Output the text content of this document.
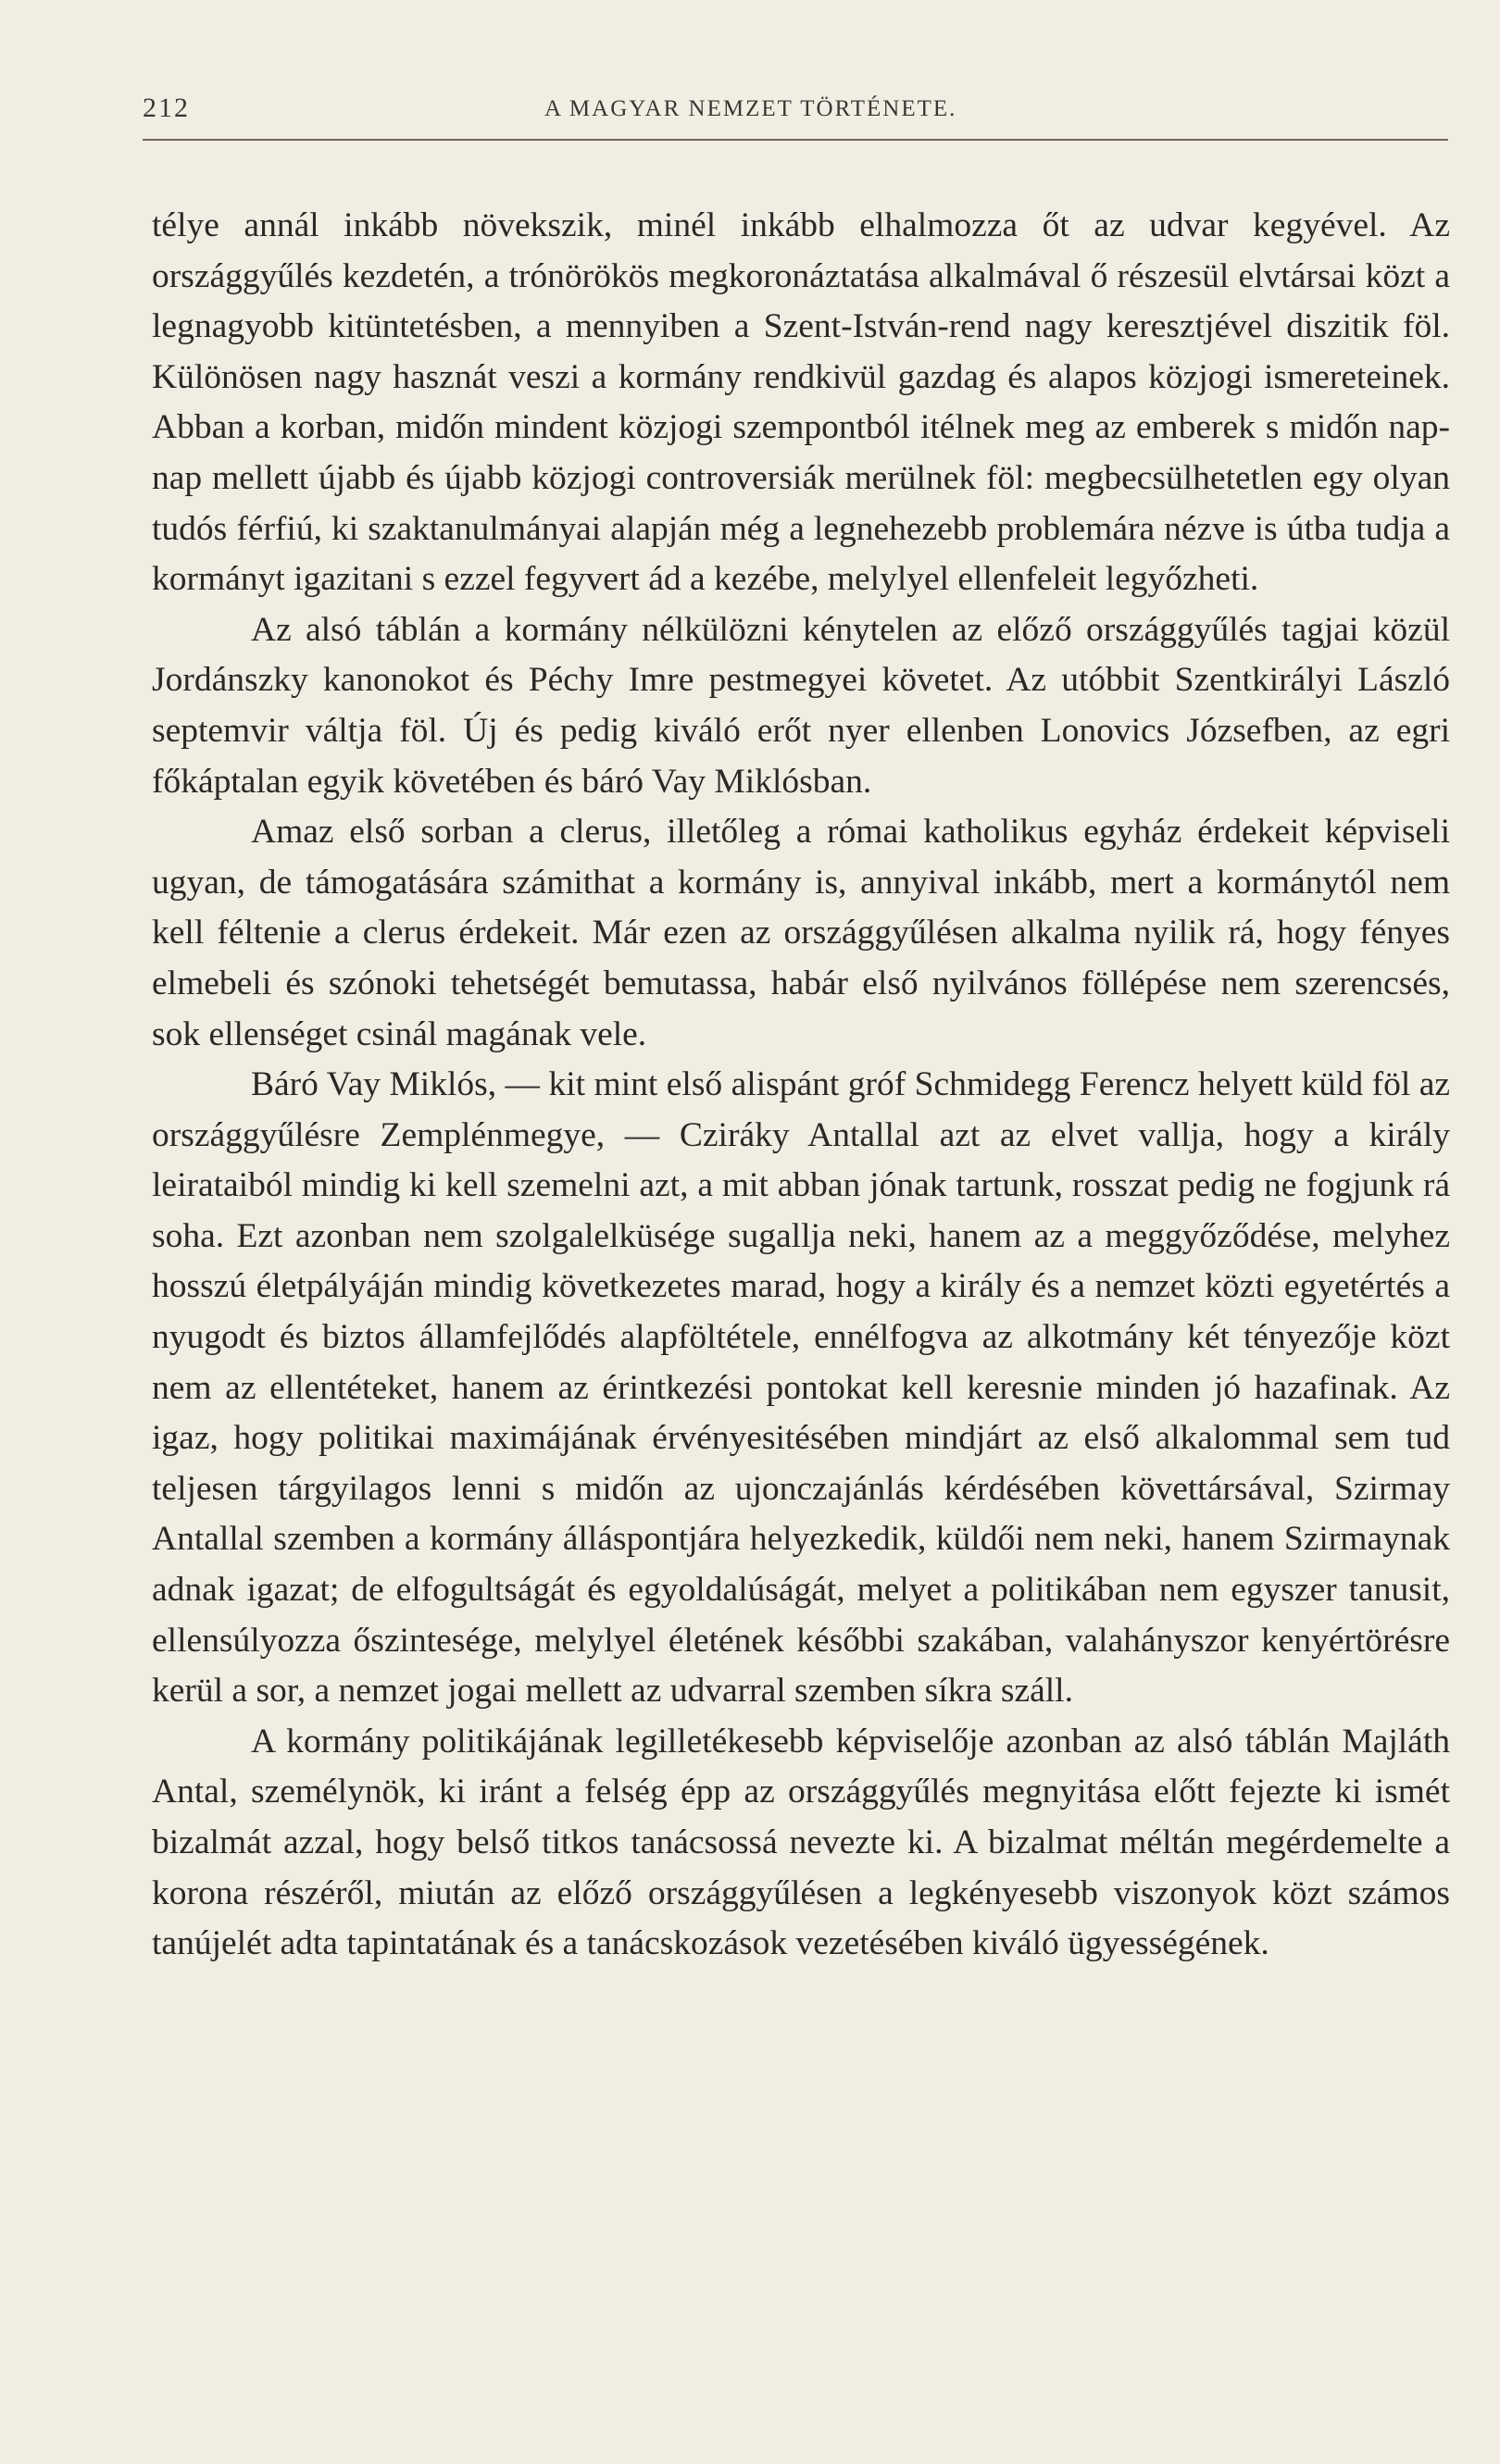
212	A MAGYAR NEMZET TÖRTÉNETE.

télye annál inkább növekszik, minél inkább elhalmozza őt az udvar kegyével. Az országgyűlés kezdetén, a trónörökös megkoronáztatása alkalmával ő részesül elvtársai közt a legnagyobb kitüntetésben, a mennyiben a Szent-István-rend nagy keresztjével diszitik föl. Különösen nagy hasznát veszi a kormány rendkivül gazdag és alapos közjogi ismereteinek. Abban a korban, midőn mindent közjogi szempontból itélnek meg az emberek s midőn nap-nap mellett újabb és újabb közjogi controversiák merülnek föl: megbecsülhetetlen egy olyan tudós férfiú, ki szaktanulmányai alapján még a legnehezebb problemára nézve is útba tudja a kormányt igazitani s ezzel fegyvert ád a kezébe, melylyel ellenfeleit legyőzheti.

Az alsó táblán a kormány nélkülözni kénytelen az előző országgyűlés tagjai közül Jordánszky kanonokot és Péchy Imre pestmegyei követet. Az utóbbit Szentkirályi László septemvir váltja föl. Új és pedig kiváló erőt nyer ellenben Lonovics Józsefben, az egri főkáptalan egyik követében és báró Vay Miklósban.

Amaz első sorban a clerus, illetőleg a római katholikus egyház érdekeit képviseli ugyan, de támogatására számithat a kormány is, annyival inkább, mert a kormánytól nem kell féltenie a clerus érdekeit. Már ezen az országgyűlésen alkalma nyilik rá, hogy fényes elmebeli és szónoki tehetségét bemutassa, habár első nyilvános föllépése nem szerencsés, sok ellenséget csinál magának vele.

Báró Vay Miklós, — kit mint első alispánt gróf Schmidegg Ferencz helyett küld föl az országgyűlésre Zemplénmegye, — Cziráky Antallal azt az elvet vallja, hogy a király leirataiból mindig ki kell szemelni azt, a mit abban jónak tartunk, rosszat pedig ne fogjunk rá soha. Ezt azonban nem szolgalelküsége sugallja neki, hanem az a meggyőződése, melyhez hosszú életpályáján mindig következetes marad, hogy a király és a nemzet közti egyetértés a nyugodt és biztos államfejlődés alapföltétele, ennélfogva az alkotmány két tényezője közt nem az ellentéteket, hanem az érintkezési pontokat kell keresnie minden jó hazafinak. Az igaz, hogy politikai maximájának érvényesitésében mindjárt az első alkalommal sem tud teljesen tárgyilagos lenni s midőn az ujonczajánlás kérdésében követtársával, Szirmay Antallal szemben a kormány álláspontjára helyezkedik, küldői nem neki, hanem Szirmaynak adnak igazat; de elfogultságát és egyoldalúságát, melyet a politikában nem egyszer tanusit, ellensúlyozza őszintesége, melylyel életének későbbi szakában, valahányszor kenyértörésre kerül a sor, a nemzet jogai mellett az udvarral szemben síkra száll.

A kormány politikájának legilletékesebb képviselője azonban az alsó táblán Majláth Antal, személynök, ki iránt a felség épp az országgyűlés megnyitása előtt fejezte ki ismét bizalmát azzal, hogy belső titkos tanácsossá nevezte ki. A bizalmat méltán megérdemelte a korona részéről, miután az előző országgyűlésen a legkényesebb viszonyok közt számos tanújelét adta tapintatának és a tanácskozások vezetésében kiváló ügyességének.
